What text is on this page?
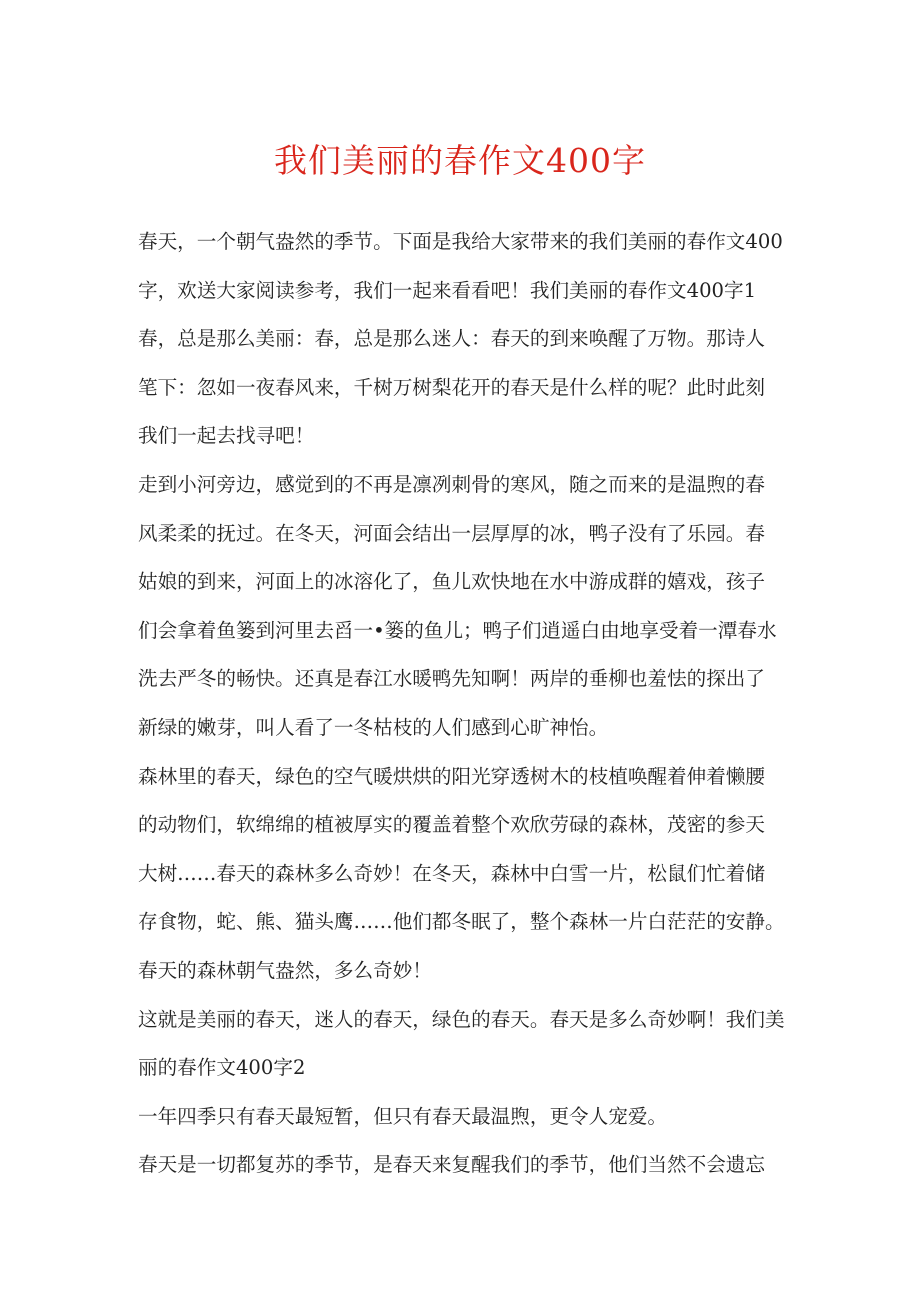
我们美丽的春作文400字
春天，一个朝气盎然的季节。下面是我给大家带来的我们美丽的春作文400
字，欢送大家阅读参考，我们一起来看看吧！我们美丽的春作文400字1
春，总是那么美丽：春，总是那么迷人：春天的到来唤醒了万物。那诗人
笔下：忽如一夜春风来，千树万树梨花开的春天是什么样的呢？此时此刻
我们一起去找寻吧！
走到小河旁边，感觉到的不再是凛冽刺骨的寒风，随之而来的是温煦的春
风柔柔的抚过。在冬天，河面会结出一层厚厚的冰，鸭子没有了乐园。春
姑娘的到来，河面上的冰溶化了，鱼儿欢快地在水中游成群的嬉戏，孩子
们会拿着鱼篓到河里去舀一•篓的鱼儿；鸭子们逍遥白由地享受着一潭春水
洗去严冬的畅快。还真是春江水暖鸭先知啊！两岸的垂柳也羞怯的探出了
新绿的嫩芽，叫人看了一冬枯枝的人们感到心旷神怡。
森林里的春天，绿色的空气暖烘烘的阳光穿透树木的枝植唤醒着伸着懒腰
的动物们，软绵绵的植被厚实的覆盖着整个欢欣劳碌的森林，茂密的参天
大树……春天的森林多么奇妙！在冬天，森林中白雪一片，松鼠们忙着储
存食物，蛇、熊、猫头鹰……他们都冬眠了，整个森林一片白茫茫的安静。
春天的森林朝气盎然，多么奇妙！
这就是美丽的春天，迷人的春天，绿色的春天。春天是多么奇妙啊！我们美
丽的春作文400字2
一年四季只有春天最短暂，但只有春天最温煦，更令人宠爱。
春天是一切都复苏的季节，是春天来复醒我们的季节，他们当然不会遗忘
